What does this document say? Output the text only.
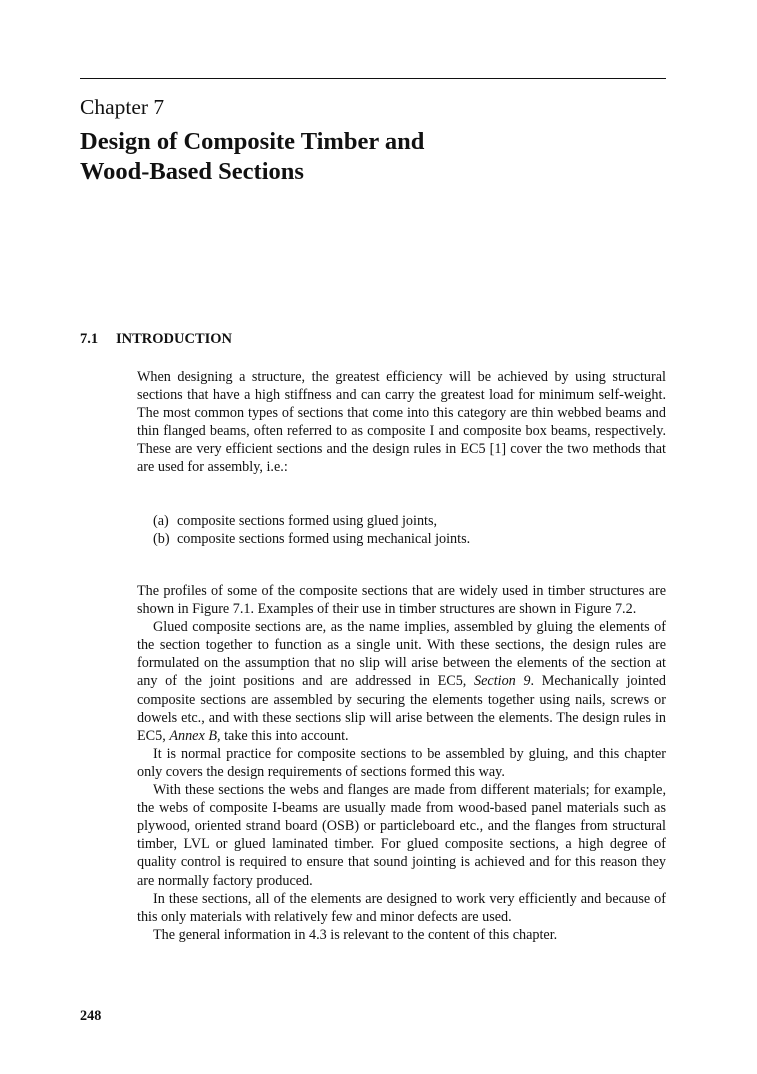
Chapter 7
Design of Composite Timber and
Wood-Based Sections
7.1 INTRODUCTION

When designing a structure, the greatest efficiency will be achieved by using structural sections that have a high stiffness and can carry the greatest load for minimum self-weight. The most common types of sections that come into this category are thin webbed beams and thin flanged beams, often referred to as composite I and composite box beams, respectively. These are very efficient sections and the design rules in EC5 [1] cover the two methods that are used for assembly, i.e.:

(a) composite sections formed using glued joints,
(b) composite sections formed using mechanical joints.

The profiles of some of the composite sections that are widely used in timber structures are shown in Figure 7.1. Examples of their use in timber structures are shown in Figure 7.2.

Glued composite sections are, as the name implies, assembled by gluing the elements of the section together to function as a single unit. With these sections, the design rules are formulated on the assumption that no slip will arise between the elements of the section at any of the joint positions and are addressed in EC5, Section 9. Mechanically jointed composite sections are assembled by securing the elements together using nails, screws or dowels etc., and with these sections slip will arise between the elements. The design rules in EC5, Annex B, take this into account.

It is normal practice for composite sections to be assembled by gluing, and this chapter only covers the design requirements of sections formed this way.

With these sections the webs and flanges are made from different materials; for example, the webs of composite I-beams are usually made from wood-based panel materials such as plywood, oriented strand board (OSB) or particleboard etc., and the flanges from structural timber, LVL or glued laminated timber. For glued composite sections, a high degree of quality control is required to ensure that sound jointing is achieved and for this reason they are normally factory produced.

In these sections, all of the elements are designed to work very efficiently and because of this only materials with relatively few and minor defects are used.

The general information in 4.3 is relevant to the content of this chapter.

248
